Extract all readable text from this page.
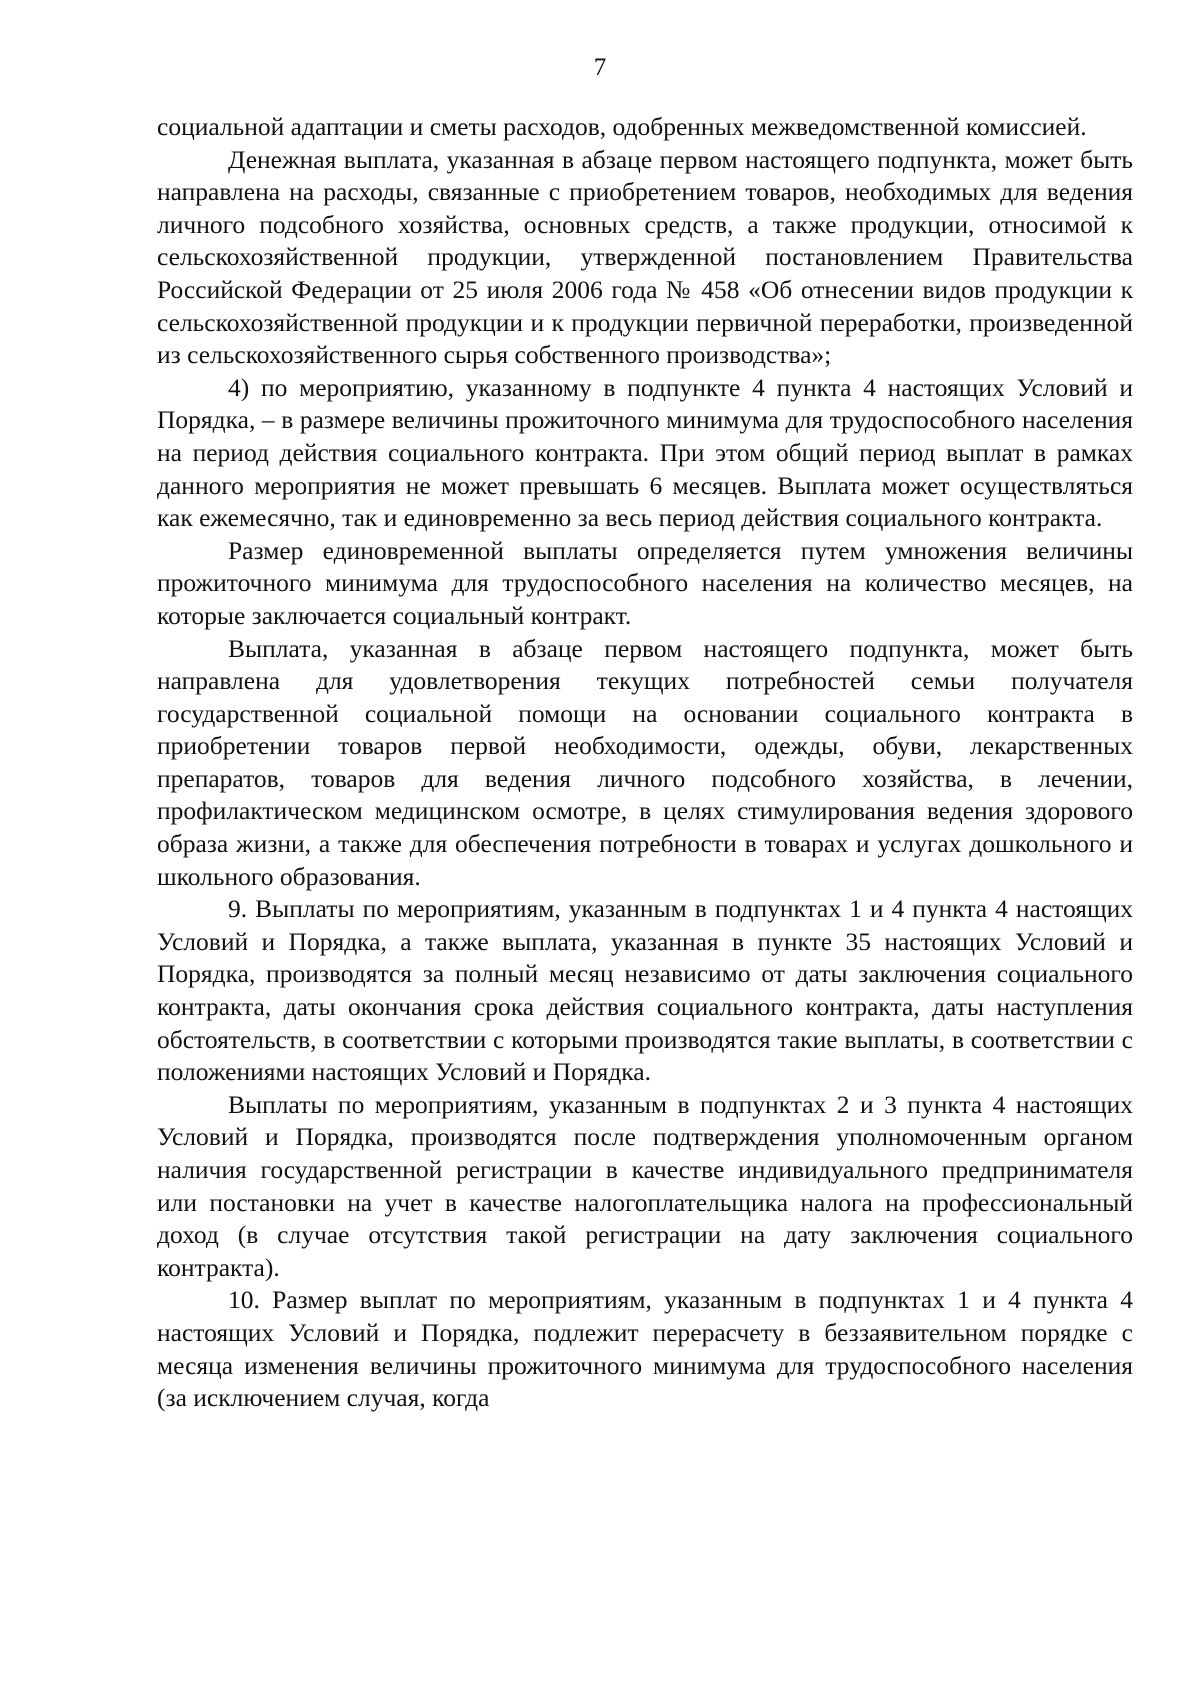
7

социальной адаптации и сметы расходов, одобренных межведомственной комиссией.

Денежная выплата, указанная в абзаце первом настоящего подпункта, может быть направлена на расходы, связанные с приобретением товаров, необходимых для ведения личного подсобного хозяйства, основных средств, а также продукции, относимой к сельскохозяйственной продукции, утвержденной постановлением Правительства Российской Федерации от 25 июля 2006 года № 458 «Об отнесении видов продукции к сельскохозяйственной продукции и к продукции первичной переработки, произведенной из сельскохозяйственного сырья собственного производства»;

4) по мероприятию, указанному в подпункте 4 пункта 4 настоящих Условий и Порядка, – в размере величины прожиточного минимума для трудоспособного населения на период действия социального контракта. При этом общий период выплат в рамках данного мероприятия не может превышать 6 месяцев. Выплата может осуществляться как ежемесячно, так и единовременно за весь период действия социального контракта.

Размер единовременной выплаты определяется путем умножения величины прожиточного минимума для трудоспособного населения на количество месяцев, на которые заключается социальный контракт.

Выплата, указанная в абзаце первом настоящего подпункта, может быть направлена для удовлетворения текущих потребностей семьи получателя государственной социальной помощи на основании социального контракта в приобретении товаров первой необходимости, одежды, обуви, лекарственных препаратов, товаров для ведения личного подсобного хозяйства, в лечении, профилактическом медицинском осмотре, в целях стимулирования ведения здорового образа жизни, а также для обеспечения потребности в товарах и услугах дошкольного и школьного образования.

9. Выплаты по мероприятиям, указанным в подпунктах 1 и 4 пункта 4 настоящих Условий и Порядка, а также выплата, указанная в пункте 35 настоящих Условий и Порядка, производятся за полный месяц независимо от даты заключения социального контракта, даты окончания срока действия социального контракта, даты наступления обстоятельств, в соответствии с которыми производятся такие выплаты, в соответствии с положениями настоящих Условий и Порядка.

Выплаты по мероприятиям, указанным в подпунктах 2 и 3 пункта 4 настоящих Условий и Порядка, производятся после подтверждения уполномоченным органом наличия государственной регистрации в качестве индивидуального предпринимателя или постановки на учет в качестве налогоплательщика налога на профессиональный доход (в случае отсутствия такой регистрации на дату заключения социального контракта).

10. Размер выплат по мероприятиям, указанным в подпунктах 1 и 4 пункта 4 настоящих Условий и Порядка, подлежит перерасчету в беззаявительном порядке с месяца изменения величины прожиточного минимума для трудоспособного населения (за исключением случая, когда
